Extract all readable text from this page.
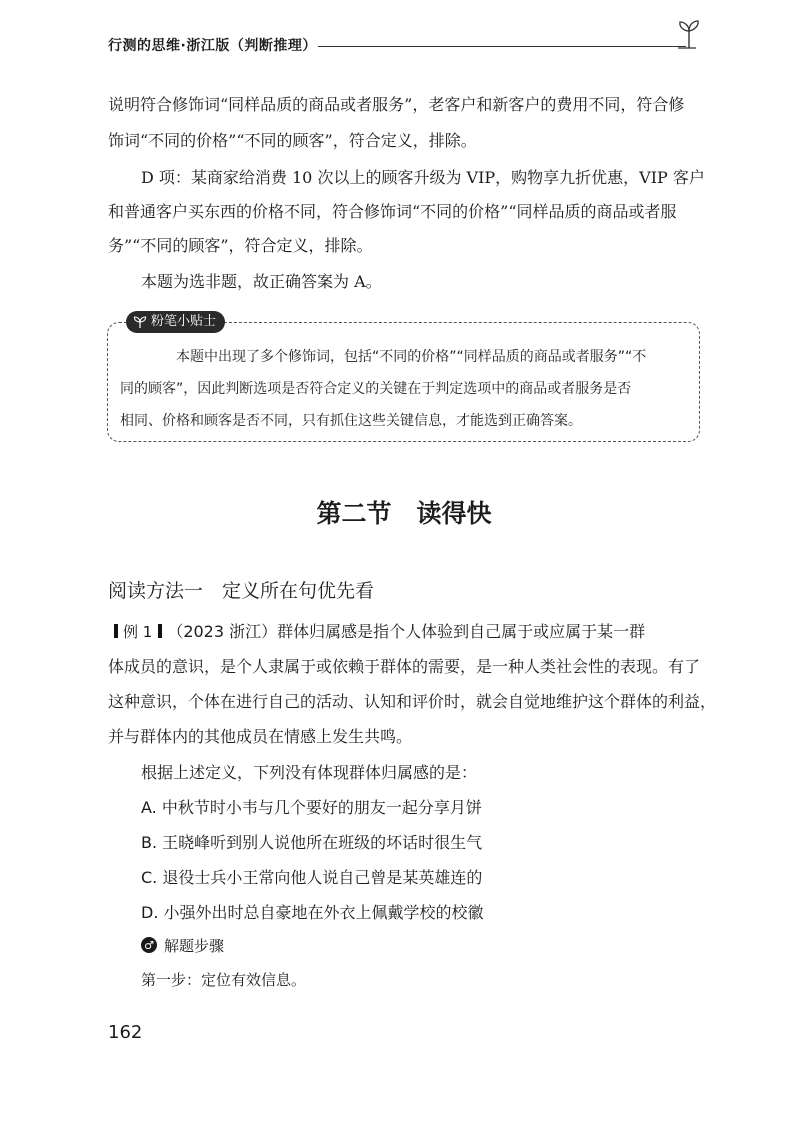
行测的思维·浙江版（判断推理）
说明符合修饰词“同样品质的商品或者服务”，老客户和新客户的费用不同，符合修
饰词“不同的价格”“不同的顾客”，符合定义，排除。
D 项：某商家给消费 10 次以上的顾客升级为 VIP，购物享九折优惠，VIP 客户
和普通客户买东西的价格不同，符合修饰词“不同的价格”“同样品质的商品或者服
务”“不同的顾客”，符合定义，排除。
本题为选非题，故正确答案为 A。
粉笔小贴士
本题中出现了多个修饰词，包括“不同的价格”“同样品质的商品或者服务”“不
同的顾客”，因此判断选项是否符合定义的关键在于判定选项中的商品或者服务是否
相同、价格和顾客是否不同，只有抓住这些关键信息，才能选到正确答案。
第二节　读得快
阅读方法一　定义所在句优先看
例 1 （2023 浙江）群体归属感是指个人体验到自己属于或应属于某一群
体成员的意识，是个人隶属于或依赖于群体的需要，是一种人类社会性的表现。有了
这种意识，个体在进行自己的活动、认知和评价时，就会自觉地维护这个群体的利益，
并与群体内的其他成员在情感上发生共鸣。
根据上述定义，下列没有体现群体归属感的是：
A. 中秋节时小韦与几个要好的朋友一起分享月饼
B. 王晓峰听到别人说他所在班级的坏话时很生气
C. 退役士兵小王常向他人说自己曾是某英雄连的
D. 小强外出时总自豪地在外衣上佩戴学校的校徽
♂ 解题步骤
第一步：定位有效信息。
162
